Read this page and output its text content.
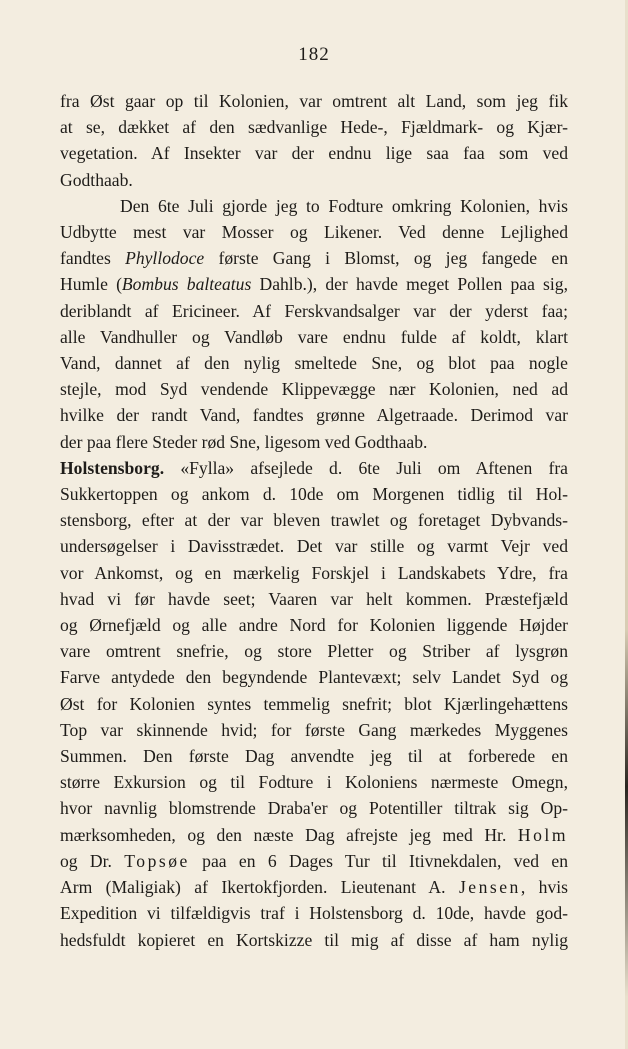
182
fra Øst gaar op til Kolonien, var omtrent alt Land, som jeg fik
at se, dækket af den sædvanlige Hede-, Fjældmark- og Kjær-
vegetation. Af Insekter var der endnu lige saa faa som ved
Godthaab.
Den 6te Juli gjorde jeg to Fodture omkring Kolonien, hvis
Udbytte mest var Mosser og Likener. Ved denne Lejlighed
fandtes Phyllodoce første Gang i Blomst, og jeg fangede en
Humle (Bombus balteatus Dahlb.), der havde meget Pollen paa sig,
deriblandt af Ericineer. Af Ferskvandsalger var der yderst faa;
alle Vandhuller og Vandløb vare endnu fulde af koldt, klart
Vand, dannet af den nylig smeltede Sne, og blot paa nogle
stejle, mod Syd vendende Klippevægge nær Kolonien, ned ad
hvilke der randt Vand, fandtes grønne Algetraade. Derimod var
der paa flere Steder rød Sne, ligesom ved Godthaab.
Holstensborg. «Fylla» afsejlede d. 6te Juli om Aftenen fra
Sukkertoppen og ankom d. 10de om Morgenen tidlig til Hol-
stensborg, efter at der var bleven trawlet og foretaget Dybvands-
undersøgelser i Davisstrædet. Det var stille og varmt Vejr ved
vor Ankomst, og en mærkelig Forskjel i Landskabets Ydre, fra
hvad vi før havde seet; Vaaren var helt kommen. Præstefjæld
og Ørnefjæld og alle andre Nord for Kolonien liggende Højder
vare omtrent snefrie, og store Pletter og Striber af lysgrøn
Farve antydede den begyndende Plantevæxt; selv Landet Syd og
Øst for Kolonien syntes temmelig snefrit; blot Kjærlingehættens
Top var skinnende hvid; for første Gang mærkedes Myggenes
Summen. Den første Dag anvendte jeg til at forberede en
større Exkursion og til Fodture i Koloniens nærmeste Omegn,
hvor navnlig blomstrende Draba'er og Potentiller tiltrak sig Op-
mærksomheden, og den næste Dag afrejste jeg med Hr. Holm
og Dr. Topsøe paa en 6 Dages Tur til Itivnekdalen, ved en
Arm (Maligiak) af Ikertokfjorden. Lieutenant A. Jensen, hvis
Expedition vi tilfældigvis traf i Holstensborg d. 10de, havde god-
hedsfuldt kopieret en Kortskizze til mig af disse af ham nylig
